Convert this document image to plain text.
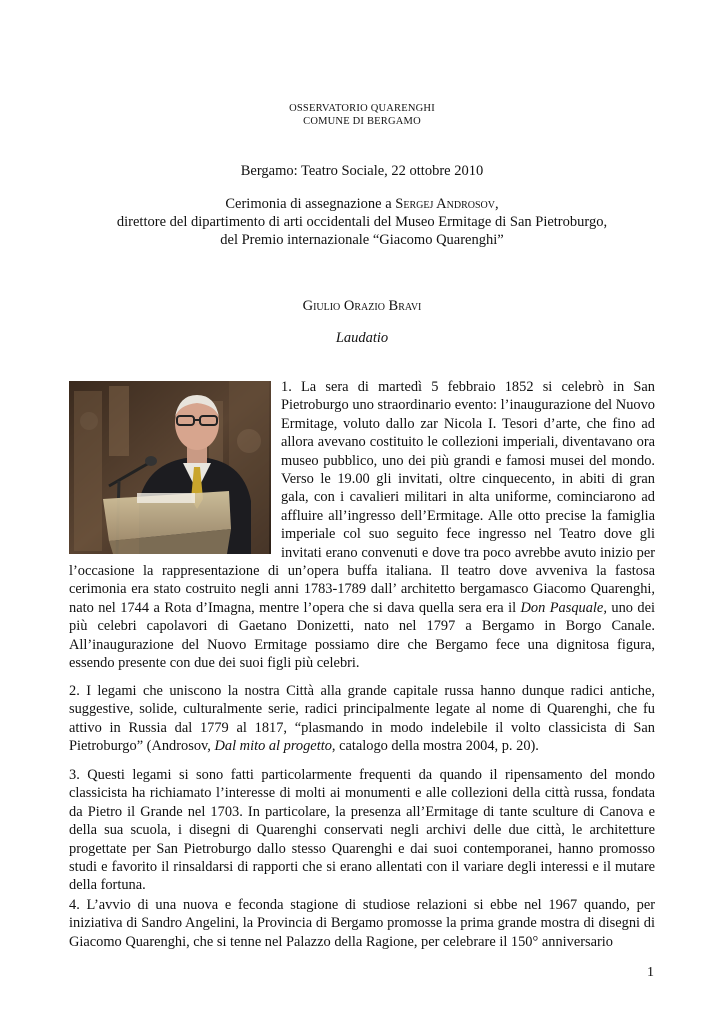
OSSERVATORIO QUARENGHI
COMUNE DI BERGAMO
Bergamo: Teatro Sociale, 22 ottobre 2010
Cerimonia di assegnazione a Sergej Androsov,
direttore del dipartimento di arti occidentali del Museo Ermitage di San Pietroburgo,
del Premio internazionale “Giacomo Quarenghi”
Giulio Orazio Bravi
Laudatio
1. La sera di martedì 5 febbraio 1852 si celebrò in San Pietroburgo uno straordinario evento: l’inaugurazione del Nuovo Ermitage, voluto dallo zar Nicola I. Tesori d’arte, che fino ad allora avevano costituito le collezioni imperiali, diventavano ora museo pubblico, uno dei più grandi e famosi musei del mondo. Verso le 19.00 gli invitati, oltre cinquecento, in abiti di gran gala, con i cavalieri militari in alta uniforme, cominciarono ad affluire all’ingresso dell’Ermitage. Alle otto precise la famiglia imperiale col suo seguito fece ingresso nel Teatro dove gli invitati erano convenuti e dove tra poco avrebbe avuto inizio per l’occasione la rappresentazione di un’opera buffa italiana. Il teatro dove avveniva la fastosa cerimonia era stato costruito negli anni 1783-1789 dall’ architetto bergamasco Giacomo Quarenghi, nato nel 1744 a Rota d’Imagna, mentre l’opera che si dava quella sera era il Don Pasquale, uno dei più celebri capolavori di Gaetano Donizetti, nato nel 1797 a Bergamo in Borgo Canale. All’inaugurazione del Nuovo Ermitage possiamo dire che Bergamo fece una dignitosa figura, essendo presente con due dei suoi figli più celebri.
2. I legami che uniscono la nostra Città alla grande capitale russa hanno dunque radici antiche, suggestive, solide, culturalmente serie, radici principalmente legate al nome di Quarenghi, che fu attivo in Russia dal 1779 al 1817, “plasmando in modo indelebile il volto classicista di San Pietroburgo” (Androsov, Dal mito al progetto, catalogo della mostra 2004, p. 20).
3. Questi legami si sono fatti particolarmente frequenti da quando il ripensamento del mondo classicista ha richiamato l’interesse di molti ai monumenti e alle collezioni della città russa, fondata da Pietro il Grande nel 1703. In particolare, la presenza all’Ermitage di tante sculture di Canova e della sua scuola, i disegni di Quarenghi conservati negli archivi delle due città, le architetture progettate per San Pietroburgo dallo stesso Quarenghi e dai suoi contemporanei, hanno promosso studi e favorito il rinsaldarsi di rapporti che si erano allentati con il variare degli interessi e il mutare della fortuna.
4. L’avvio di una nuova e feconda stagione di studiose relazioni si ebbe nel 1967 quando, per iniziativa di Sandro Angelini, la Provincia di Bergamo promosse la prima grande mostra di disegni di Giacomo Quarenghi, che si tenne nel Palazzo della Ragione, per celebrare il 150° anniversario
1
